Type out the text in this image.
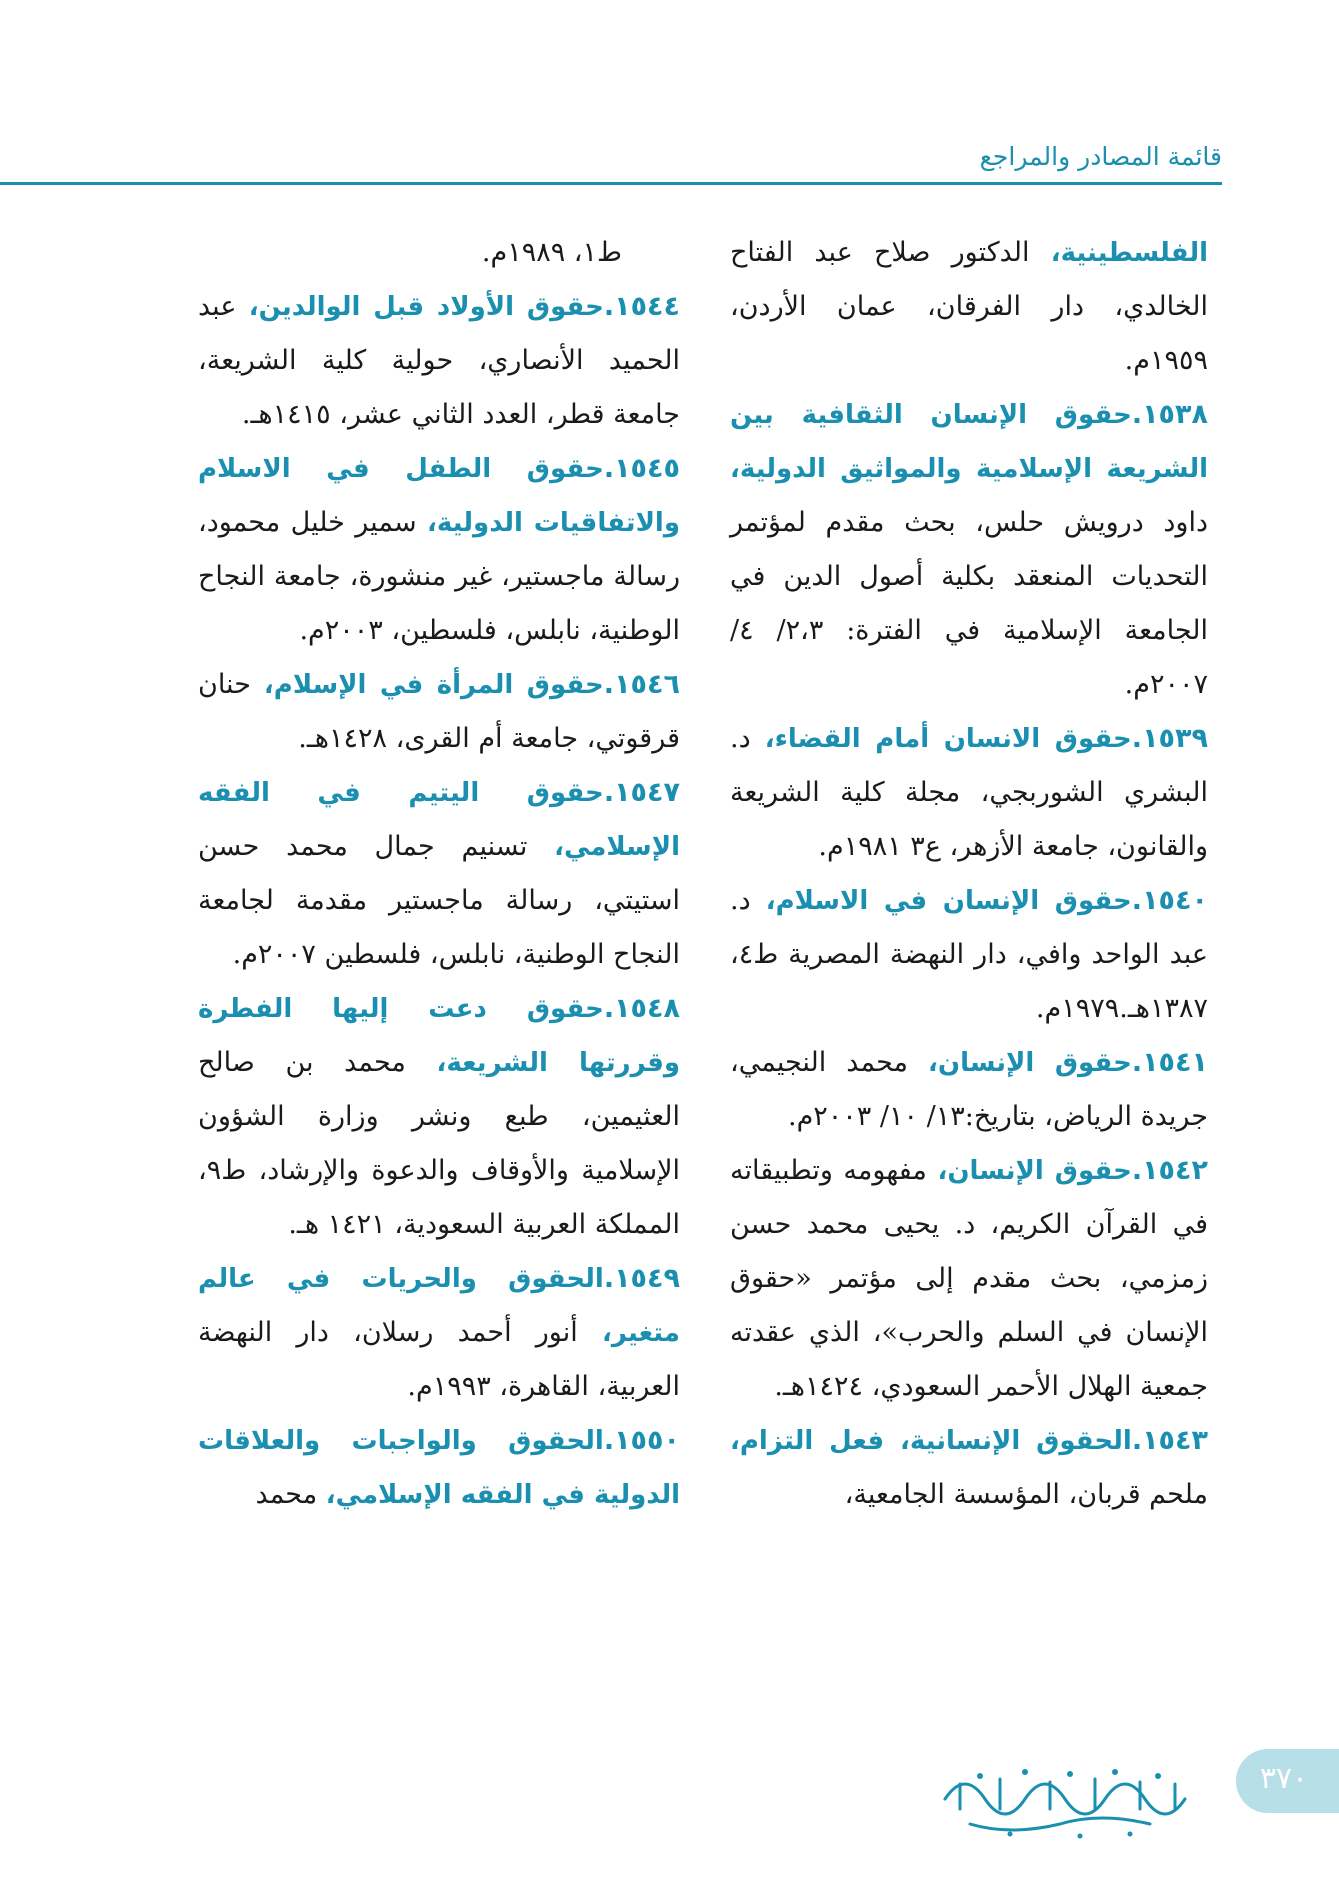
قائمة المصادر والمراجع

الفلسطينية، الدكتور صلاح عبد الفتاح الخالدي، دار الفرقان، عمان الأردن، ١٩٥٩م.

١٥٣٨.حقوق الإنسان الثقافية بين الشريعة الإسلامية والمواثيق الدولية، داود درويش حلس، بحث مقدم لمؤتمر التحديات المنعقد بكلية أصول الدين في الجامعة الإسلامية في الفترة: ٢،٣/ ٤/ ٢٠٠٧م.

١٥٣٩.حقوق الانسان أمام القضاء، د. البشري الشوربجي، مجلة كلية الشريعة والقانون، جامعة الأزهر، ع٣ ١٩٨١م.

١٥٤٠.حقوق الإنسان في الاسلام، د. عبد الواحد وافي، دار النهضة المصرية ط٤، ١٣٨٧هـ.١٩٧٩م.

١٥٤١.حقوق الإنسان، محمد النجيمي، جريدة الرياض، بتاريخ:١٣/ ١٠/ ٢٠٠٣م.

١٥٤٢.حقوق الإنسان، مفهومه وتطبيقاته في القرآن الكريم، د. يحيى محمد حسن زمزمي، بحث مقدم إلى مؤتمر «حقوق الإنسان في السلم والحرب»، الذي عقدته جمعية الهلال الأحمر السعودي، ١٤٢٤هـ.

١٥٤٣.الحقوق الإنسانية، فعل التزام، ملحم قربان، المؤسسة الجامعية،

ط١، ١٩٨٩م.

١٥٤٤.حقوق الأولاد قبل الوالدين، عبد الحميد الأنصاري، حولية كلية الشريعة، جامعة قطر، العدد الثاني عشر، ١٤١٥هـ.

١٥٤٥.حقوق الطفل في الاسلام والاتفاقيات الدولية، سمير خليل محمود، رسالة ماجستير، غير منشورة، جامعة النجاح الوطنية، نابلس، فلسطين، ٢٠٠٣م.

١٥٤٦.حقوق المرأة في الإسلام، حنان قرقوتي، جامعة أم القرى، ١٤٢٨هـ.

١٥٤٧.حقوق اليتيم في الفقه الإسلامي، تسنيم جمال محمد حسن استيتي، رسالة ماجستير مقدمة لجامعة النجاح الوطنية، نابلس، فلسطين ٢٠٠٧م.

١٥٤٨.حقوق دعت إليها الفطرة وقررتها الشريعة، محمد بن صالح العثيمين، طبع ونشر وزارة الشؤون الإسلامية والأوقاف والدعوة والإرشاد، ط٩، المملكة العربية السعودية، ١٤٢١ هـ.

١٥٤٩.الحقوق والحريات في عالم متغير، أنور أحمد رسلان، دار النهضة العربية، القاهرة، ١٩٩٣م.

١٥٥٠.الحقوق والواجبات والعلاقات الدولية في الفقه الإسلامي، محمد

٣٧٠
